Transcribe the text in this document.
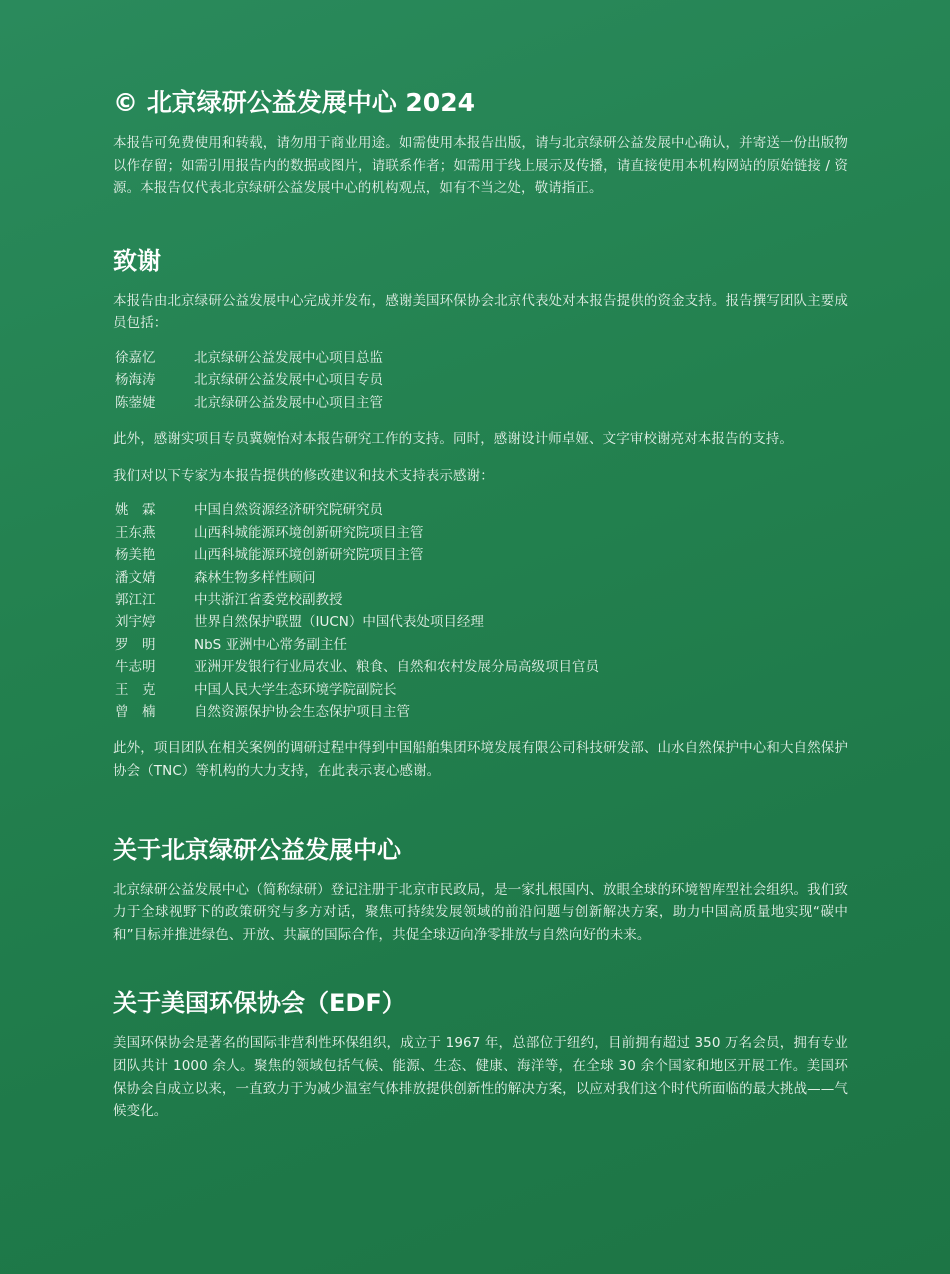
© 北京绿研公益发展中心 2024

本报告可免费使用和转载，请勿用于商业用途。如需使用本报告出版，请与北京绿研公益发展中心确认，并寄送一份出版物以作存留；如需引用报告内的数据或图片，请联系作者；如需用于线上展示及传播，请直接使用本机构网站的原始链接 / 资源。本报告仅代表北京绿研公益发展中心的机构观点，如有不当之处，敬请指正。

致谢

本报告由北京绿研公益发展中心完成并发布，感谢美国环保协会北京代表处对本报告提供的资金支持。报告撰写团队主要成员包括：

徐嘉忆	北京绿研公益发展中心项目总监
杨海涛	北京绿研公益发展中心项目专员
陈蓥婕	北京绿研公益发展中心项目主管

此外，感谢实项目专员冀婉怡对本报告研究工作的支持。同时，感谢设计师卓娅、文字审校谢亮对本报告的支持。

我们对以下专家为本报告提供的修改建议和技术支持表示感谢：

姚　霖	中国自然资源经济研究院研究员
王东燕	山西科城能源环境创新研究院项目主管
杨美艳	山西科城能源环境创新研究院项目主管
潘文婧	森林生物多样性顾问
郭江江	中共浙江省委党校副教授
刘宇婷	世界自然保护联盟（IUCN）中国代表处项目经理
罗　明	NbS 亚洲中心常务副主任
牛志明	亚洲开发银行行业局农业、粮食、自然和农村发展分局高级项目官员
王　克	中国人民大学生态环境学院副院长
曾　楠	自然资源保护协会生态保护项目主管

此外，项目团队在相关案例的调研过程中得到中国船舶集团环境发展有限公司科技研发部、山水自然保护中心和大自然保护协会（TNC）等机构的大力支持，在此表示衷心感谢。

关于北京绿研公益发展中心

北京绿研公益发展中心（简称绿研）登记注册于北京市民政局，是一家扎根国内、放眼全球的环境智库型社会组织。我们致力于全球视野下的政策研究与多方对话，聚焦可持续发展领域的前沿问题与创新解决方案，助力中国高质量地实现“碳中和”目标并推进绿色、开放、共赢的国际合作，共促全球迈向净零排放与自然向好的未来。

关于美国环保协会（EDF）

美国环保协会是著名的国际非营利性环保组织，成立于 1967 年，总部位于纽约，目前拥有超过 350 万名会员，拥有专业团队共计 1000 余人。聚焦的领域包括气候、能源、生态、健康、海洋等，在全球 30 余个国家和地区开展工作。美国环保协会自成立以来，一直致力于为减少温室气体排放提供创新性的解决方案，以应对我们这个时代所面临的最大挑战——气候变化。
